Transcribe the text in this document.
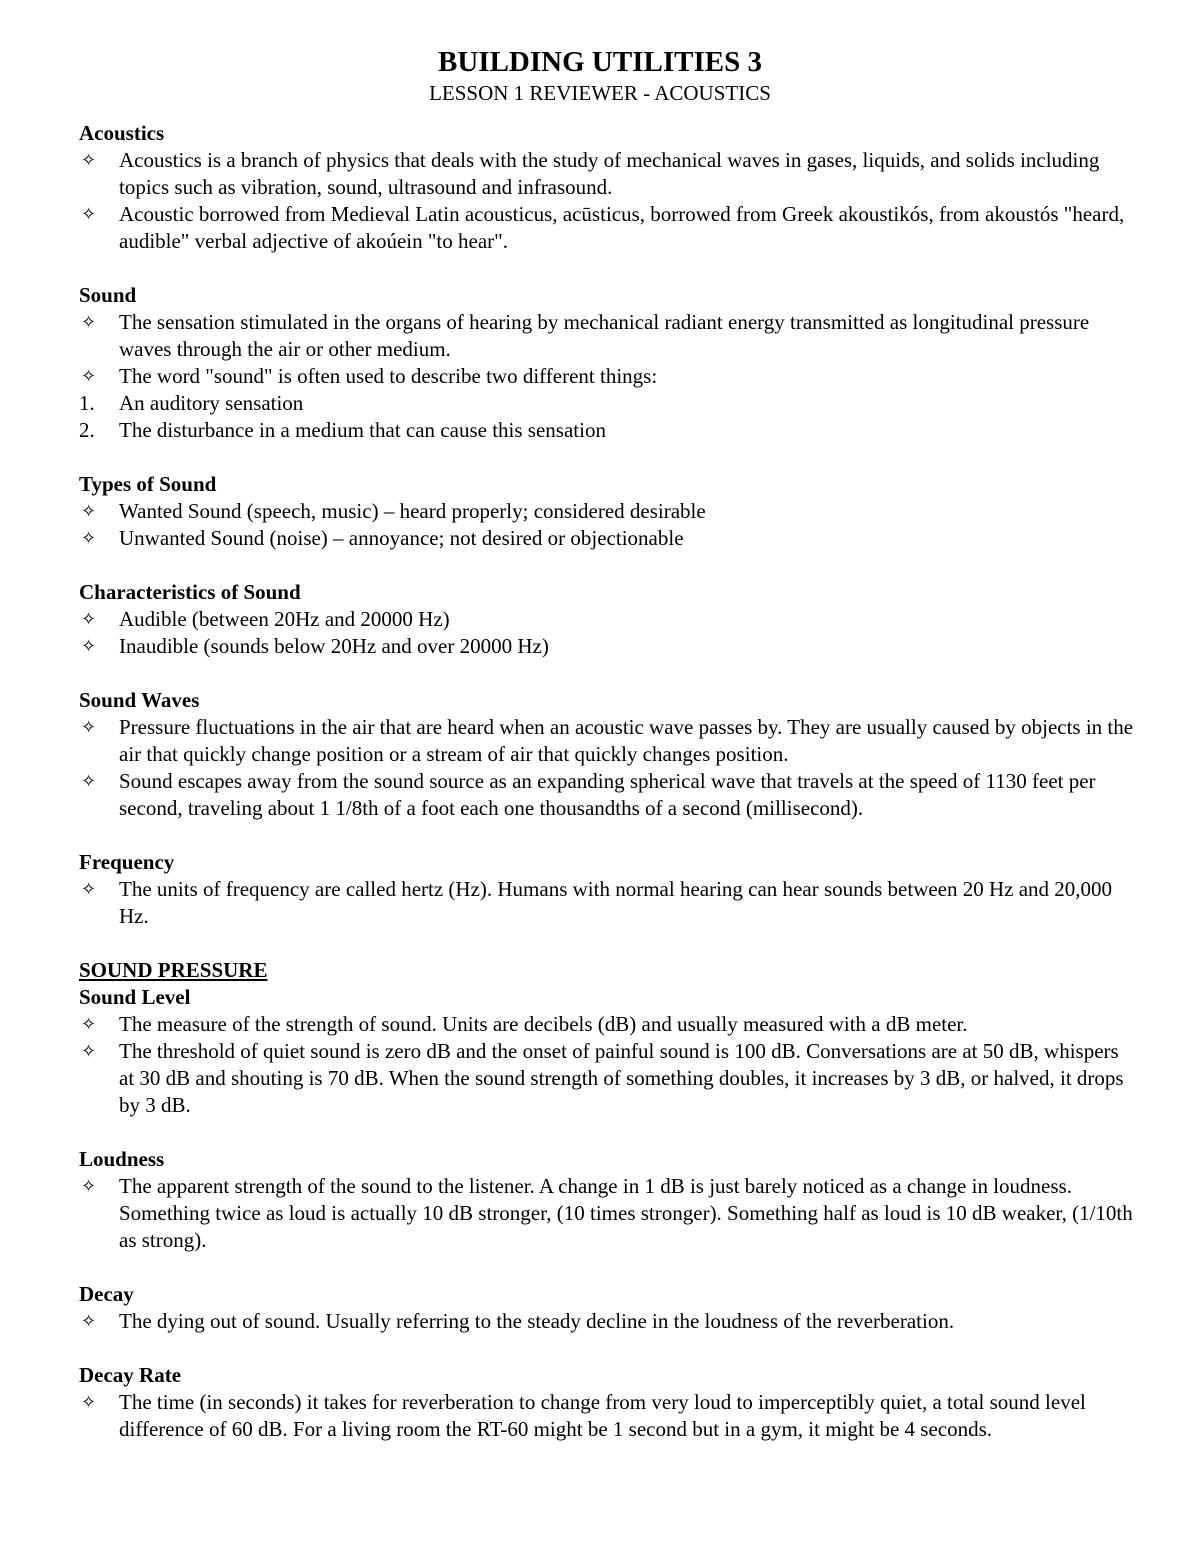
BUILDING UTILITIES 3
LESSON 1 REVIEWER - ACOUSTICS
Acoustics
✧ Acoustics is a branch of physics that deals with the study of mechanical waves in gases, liquids, and solids including topics such as vibration, sound, ultrasound and infrasound.
✧ Acoustic borrowed from Medieval Latin acousticus, acūsticus, borrowed from Greek akoustikós, from akoustós "heard, audible" verbal adjective of akoúein "to hear".
Sound
✧ The sensation stimulated in the organs of hearing by mechanical radiant energy transmitted as longitudinal pressure waves through the air or other medium.
✧ The word "sound" is often used to describe two different things:
1. An auditory sensation
2. The disturbance in a medium that can cause this sensation
Types of Sound
✧ Wanted Sound (speech, music) – heard properly; considered desirable
✧ Unwanted Sound (noise) – annoyance; not desired or objectionable
Characteristics of Sound
✧ Audible (between 20Hz and 20000 Hz)
✧ Inaudible (sounds below 20Hz and over 20000 Hz)
Sound Waves
✧ Pressure fluctuations in the air that are heard when an acoustic wave passes by. They are usually caused by objects in the air that quickly change position or a stream of air that quickly changes position.
✧ Sound escapes away from the sound source as an expanding spherical wave that travels at the speed of 1130 feet per second, traveling about 1 1/8th of a foot each one thousandths of a second (millisecond).
Frequency
✧ The units of frequency are called hertz (Hz). Humans with normal hearing can hear sounds between 20 Hz and 20,000 Hz.
SOUND PRESSURE
Sound Level
✧ The measure of the strength of sound. Units are decibels (dB) and usually measured with a dB meter.
✧ The threshold of quiet sound is zero dB and the onset of painful sound is 100 dB. Conversations are at 50 dB, whispers at 30 dB and shouting is 70 dB. When the sound strength of something doubles, it increases by 3 dB, or halved, it drops by 3 dB.
Loudness
✧ The apparent strength of the sound to the listener. A change in 1 dB is just barely noticed as a change in loudness. Something twice as loud is actually 10 dB stronger, (10 times stronger). Something half as loud is 10 dB weaker, (1/10th as strong).
Decay
✧ The dying out of sound. Usually referring to the steady decline in the loudness of the reverberation.
Decay Rate
✧ The time (in seconds) it takes for reverberation to change from very loud to imperceptibly quiet, a total sound level difference of 60 dB. For a living room the RT-60 might be 1 second but in a gym, it might be 4 seconds.
